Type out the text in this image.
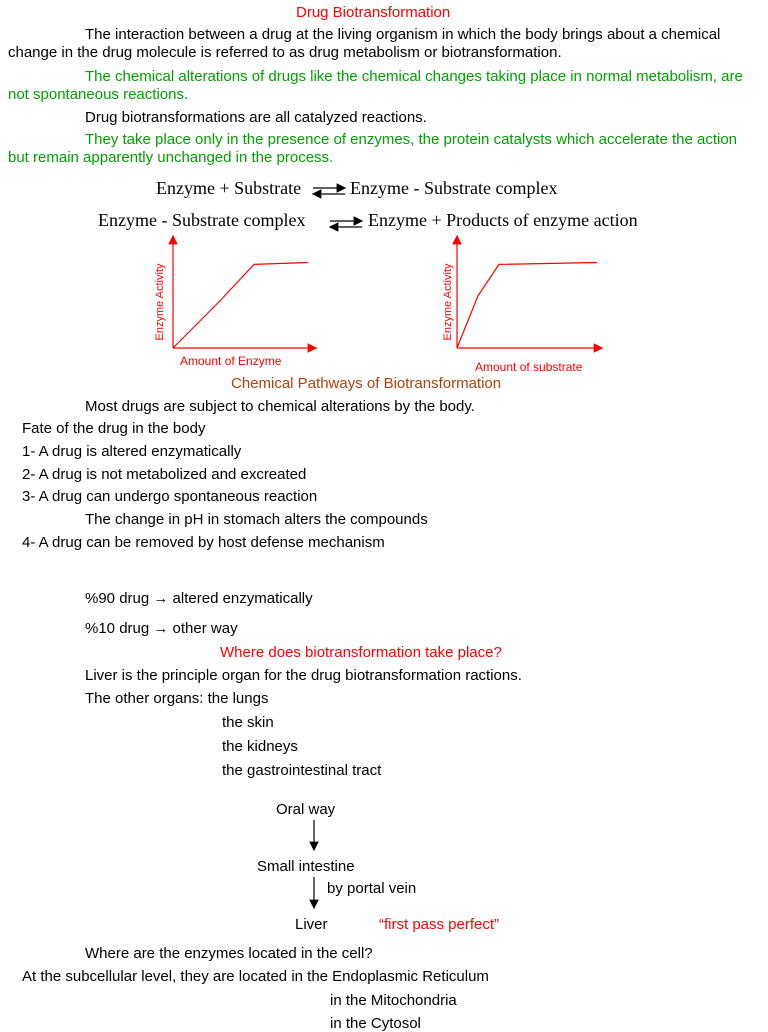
Drug Biotransformation
The interaction between a drug at the living organism in which the body brings about a chemical change in the drug molecule is referred to as drug metabolism or biotransformation.
The chemical alterations of drugs like the chemical changes taking place in normal metabolism, are not spontaneous reactions.
Drug biotransformations are all catalyzed reactions.
They take place only in the presence of enzymes, the protein catalysts which accelerate the action but remain apparently unchanged in the process.
Enzyme + Substrate	Enzyme - Substrate complex
Enzyme - Substrate complex	Enzyme + Products of enzyme action
Enzyme Activity	Enzyme Activity
Amount of Enzyme	Amount of substrate
Chemical Pathways of Biotransformation
Most drugs are subject to chemical alterations by the body.
Fate of the drug in the body
1- A drug is altered enzymatically
2- A drug is not metabolized and excreated
3- A drug can undergo spontaneous reaction
The change in pH in stomach alters the compounds
4- A drug can be removed by host defense mechanism
%90 drug → altered enzymatically
%10 drug → other way
Where does biotransformation take place?
Liver is the principle organ for the drug biotransformation ractions.
The other organs: the lungs
the skin
the kidneys
the gastrointestinal tract
Oral way
Small intestine
by portal vein
Liver	“first pass perfect”
Where are the enzymes located in the cell?
At the subcellular level, they are located in the Endoplasmic Reticulum
in the Mitochondria
in the Cytosol
